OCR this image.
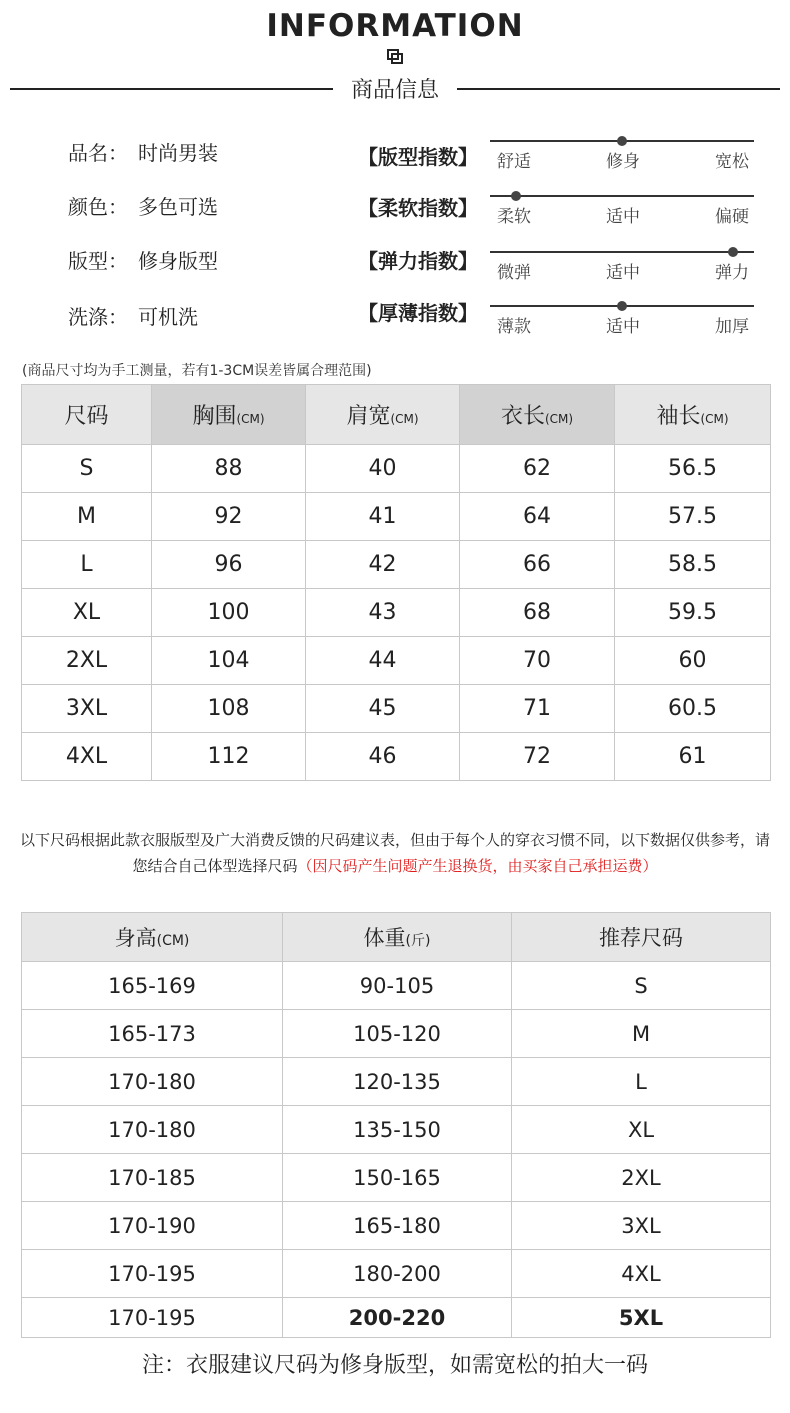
INFORMATION
商品信息
品名： 时尚男装
颜色： 多色可选
版型： 修身版型
洗涤： 可机洗
【版型指数】 舒适	修身	宽松
【柔软指数】 柔软	适中	偏硬
【弹力指数】 微弹	适中	弹力
【厚薄指数】
薄款	适中	加厚
(商品尺寸均为手工测量，若有1-3CM误差皆属合理范围)
尺码	胸围(CM)	肩宽(CM)	衣长(CM)	袖长(CM)
S	88	40	62	56.5
M	92	41	64	57.5
L	96	42	66	58.5
XL	100	43	68	59.5
2XL	104	44	70	60
3XL	108	45	71	60.5
4XL	112	46	72	61
以下尺码根据此款衣服版型及广大消费反馈的尺码建议表，但由于每个人的穿衣习惯不同，以下数据仅供参考，请您结合自己体型选择尺码（因尺码产生问题产生退换货，由买家自己承担运费）
身高(CM)	体重(斤)	推荐尺码
165-169	90-105	S
165-173	105-120	M
170-180	120-135	L
170-180	135-150	XL
170-185	150-165	2XL
170-190	165-180	3XL
170-195	180-200	4XL
170-195	200-220	5XL
注：衣服建议尺码为修身版型，如需宽松的拍大一码
